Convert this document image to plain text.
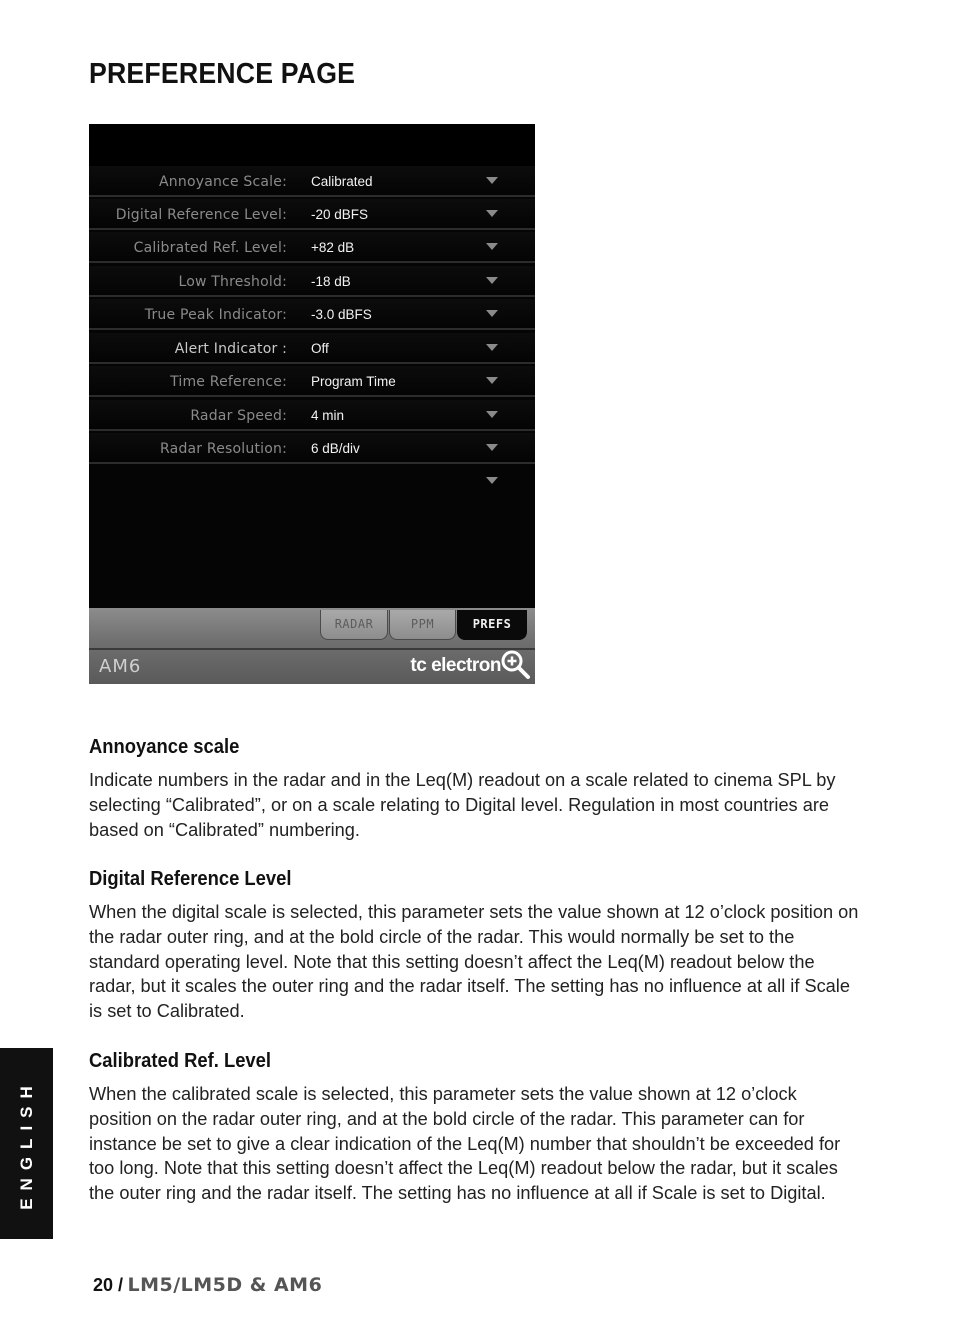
PREFERENCE PAGE
Annoyance Scale: Calibrated
Digital Reference Level: -20 dBFS
Calibrated Ref. Level: +82 dB
Low Threshold: -18 dB
True Peak Indicator: -3.0 dBFS
Alert Indicator : Off
Time Reference: Program Time
Radar Speed: 4 min
Radar Resolution: 6 dB/div
RADAR	PPM	PREFS
AM6	tc electron
Annoyance scale

Indicate numbers in the radar and in the Leq(M) readout on a scale related to cinema SPL by selecting “Calibrated”, or on a scale relating to Digital level. Regulation in most countries are based on “Calibrated” numbering.

Digital Reference Level

When the digital scale is selected, this parameter sets the value shown at 12 o’clock position on the radar outer ring, and at the bold circle of the radar. This would normally be set to the standard operating level. Note that this setting doesn’t affect the Leq(M) readout below the radar, but it scales the outer ring and the radar itself. The setting has no influence at all if Scale is set to Calibrated.

Calibrated Ref. Level

When the calibrated scale is selected, this parameter sets the value shown at 12 o’clock position on the radar outer ring, and at the bold circle of the radar. This parameter can for instance be set to give a clear indication of the Leq(M) number that shouldn’t be exceeded for too long. Note that this setting doesn’t affect the Leq(M) readout below the radar, but it scales the outer ring and the radar itself. The setting has no influence at all if Scale is set to Digital.

ENGLISH
20 / LM5/LM5D & AM6
